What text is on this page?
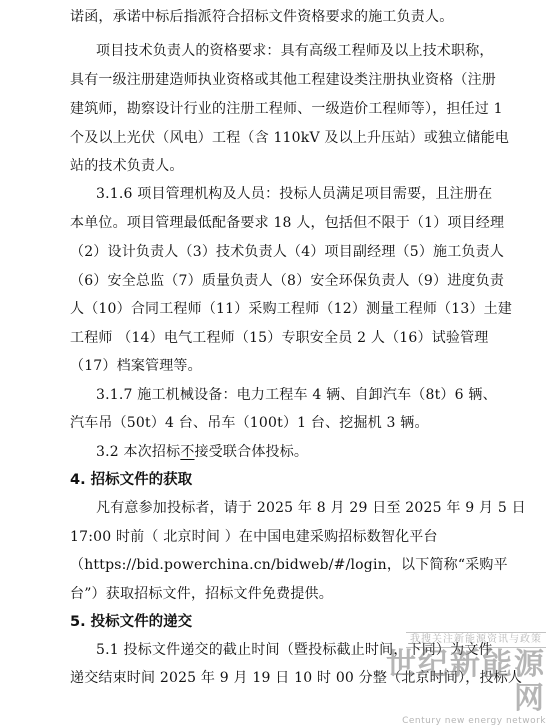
诺函，承诺中标后指派符合招标文件资格要求的施工负责人。
项目技术负责人的资格要求：具有高级工程师及以上技术职称，
具有一级注册建造师执业资格或其他工程建设类注册执业资格（注册
建筑师，勘察设计行业的注册工程师、一级造价工程师等），担任过 1
个及以上光伏（风电）工程（含 110kV 及以上升压站）或独立储能电
站的技术负责人。
3.1.6 项目管理机构及人员：投标人员满足项目需要，且注册在
本单位。项目管理最低配备要求 18 人，包括但不限于（1）项目经理
（2）设计负责人（3）技术负责人（4）项目副经理（5）施工负责人
（6）安全总监（7）质量负责人（8）安全环保负责人（9）进度负责
人（10）合同工程师（11）采购工程师（12）测量工程师（13）土建
工程师 （14）电气工程师（15）专职安全员 2 人（16）试验管理
（17）档案管理等。
3.1.7 施工机械设备：电力工程车 4 辆、自卸汽车（8t）6 辆、
汽车吊（50t）4 台、吊车（100t）1 台、挖掘机 3 辆。
3.2 本次招标不接受联合体投标。
4. 招标文件的获取
凡有意参加投标者，请于 2025 年 8 月 29 日至 2025 年 9 月 5 日
17:00 时前（ 北京时间 ）在中国电建采购招标数智化平台
（https://bid.powerchina.cn/bidweb/#/login，以下简称“采购平
台”）获取招标文件，招标文件免费提供。
5. 投标文件的递交
5.1 投标文件递交的截止时间（暨投标截止时间，下同）为文件
递交结束时间 2025 年 9 月 19 日 10 时 00 分整（北京时间），投标人
我搜关注新能源资讯与政策
世纪新能源网
Century new energy network
